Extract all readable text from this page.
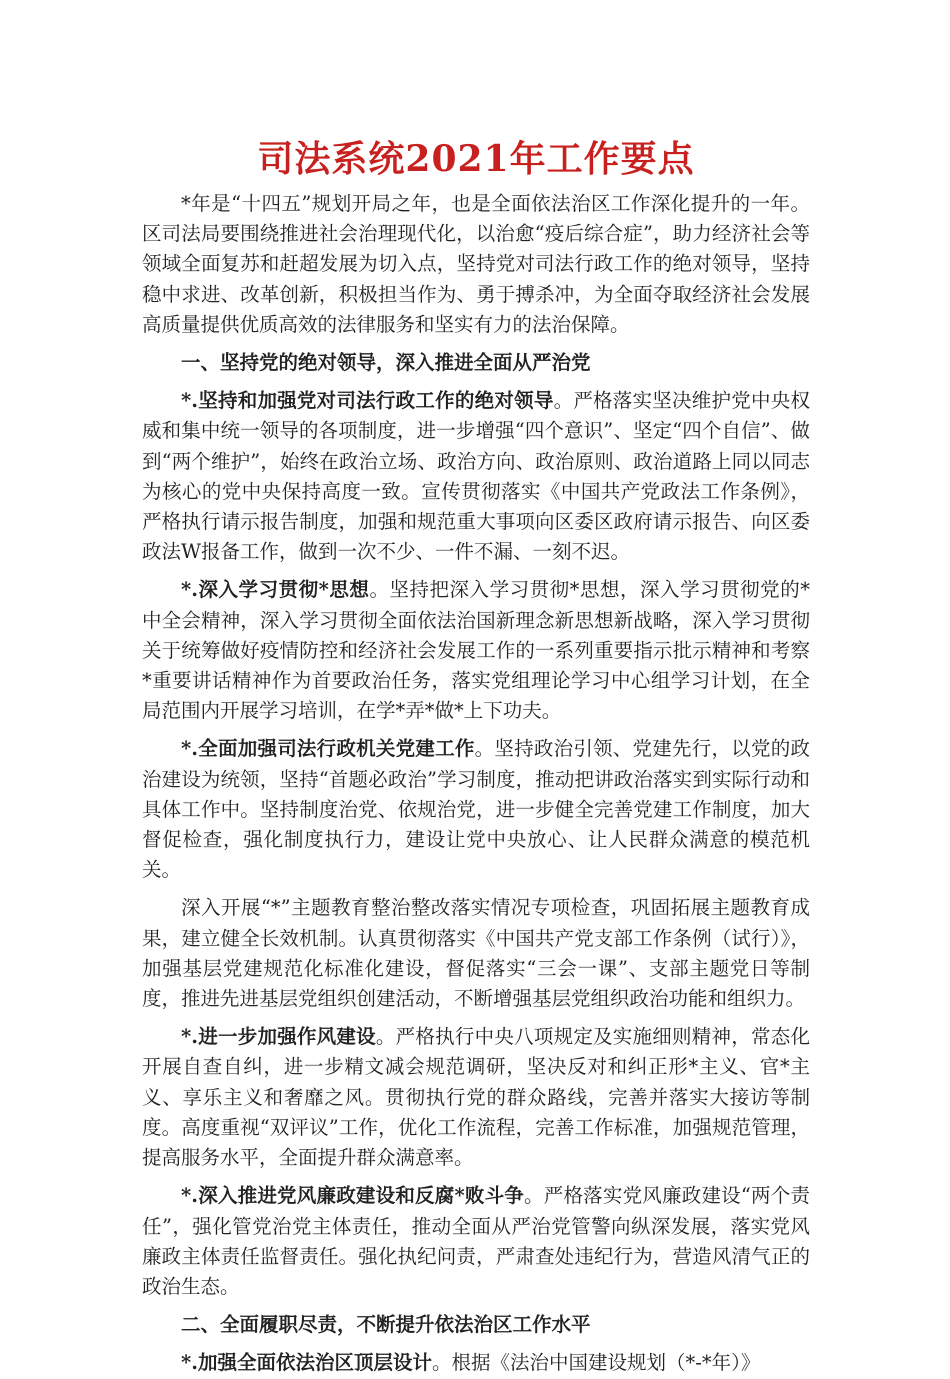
司法系统2021年工作要点

*年是“十四五”规划开局之年，也是全面依法治区工作深化提升的一年。区司法局要围绕推进社会治理现代化，以治愈“疫后综合症”，助力经济社会等领域全面复苏和赶超发展为切入点，坚持党对司法行政工作的绝对领导，坚持稳中求进、改革创新，积极担当作为、勇于搏杀冲，为全面夺取经济社会发展高质量提供优质高效的法律服务和坚实有力的法治保障。

一、坚持党的绝对领导，深入推进全面从严治党

*.坚持和加强党对司法行政工作的绝对领导。严格落实坚决维护党中央权威和集中统一领导的各项制度，进一步增强“四个意识”、坚定“四个自信”、做到“两个维护”，始终在政治立场、政治方向、政治原则、政治道路上同以同志为核心的党中央保持高度一致。宣传贯彻落实《中国共产党政法工作条例》，严格执行请示报告制度，加强和规范重大事项向区委区政府请示报告、向区委政法W报备工作，做到一次不少、一件不漏、一刻不迟。

*.深入学习贯彻*思想。坚持把深入学习贯彻*思想，深入学习贯彻党的*中全会精神，深入学习贯彻全面依法治国新理念新思想新战略，深入学习贯彻关于统筹做好疫情防控和经济社会发展工作的一系列重要指示批示精神和考察*重要讲话精神作为首要政治任务，落实党组理论学习中心组学习计划，在全局范围内开展学习培训，在学*弄*做*上下功夫。

*.全面加强司法行政机关党建工作。坚持政治引领、党建先行，以党的政治建设为统领，坚持“首题必政治”学习制度，推动把讲政治落实到实际行动和具体工作中。坚持制度治党、依规治党，进一步健全完善党建工作制度，加大督促检查，强化制度执行力，建设让党中央放心、让人民群众满意的模范机关。

深入开展“*”主题教育整治整改落实情况专项检查，巩固拓展主题教育成果，建立健全长效机制。认真贯彻落实《中国共产党支部工作条例（试行）》，加强基层党建规范化标准化建设，督促落实“三会一课”、支部主题党日等制度，推进先进基层党组织创建活动，不断增强基层党组织政治功能和组织力。

*.进一步加强作风建设。严格执行中央八项规定及实施细则精神，常态化开展自查自纠，进一步精文减会规范调研，坚决反对和纠正形*主义、官*主义、享乐主义和奢靡之风。贯彻执行党的群众路线，完善并落实大接访等制度。高度重视“双评议”工作，优化工作流程，完善工作标准，加强规范管理，提高服务水平，全面提升群众满意率。

*.深入推进党风廉政建设和反腐*败斗争。严格落实党风廉政建设“两个责任”，强化管党治党主体责任，推动全面从严治党管警向纵深发展，落实党风廉政主体责任监督责任。强化执纪问责，严肃查处违纪行为，营造风清气正的政治生态。

二、全面履职尽责，不断提升依法治区工作水平

*.加强全面依法治区顶层设计。根据《法治中国建设规划（*-*年）》
